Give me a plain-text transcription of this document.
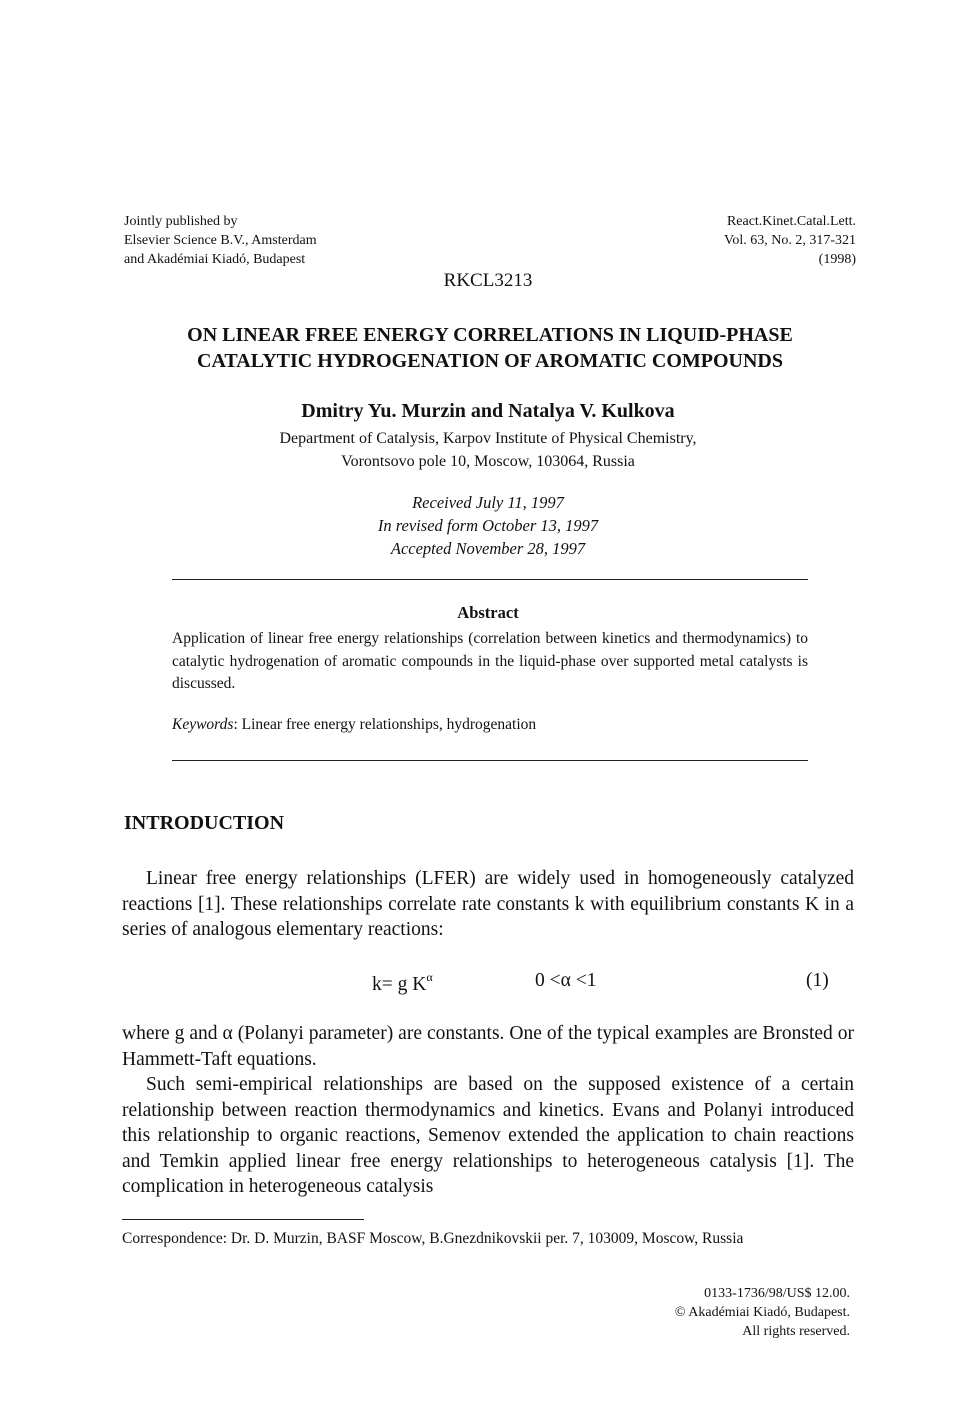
Jointly published by
Elsevier Science B.V., Amsterdam
and Akadémiai Kiadó, Budapest
React.Kinet.Catal.Lett.
Vol. 63, No. 2, 317-321
(1998)
RKCL3213
ON LINEAR FREE ENERGY CORRELATIONS IN LIQUID-PHASE
CATALYTIC HYDROGENATION OF AROMATIC COMPOUNDS
Dmitry Yu. Murzin and Natalya V. Kulkova
Department of Catalysis, Karpov Institute of Physical Chemistry,
Vorontsovo pole 10, Moscow, 103064, Russia
Received July 11, 1997
In revised form October 13, 1997
Accepted November 28, 1997
Abstract
Application of linear free energy relationships (correlation between kinetics and thermodynamics) to catalytic hydrogenation of aromatic compounds in the liquid-phase over supported metal catalysts is discussed.
Keywords: Linear free energy relationships, hydrogenation
INTRODUCTION
Linear free energy relationships (LFER) are widely used in homogeneously catalyzed reactions [1]. These relationships correlate rate constants k with equilibrium constants K in a series of analogous elementary reactions:
k= g $K^\alpha$	0 <α <1	(1)
where g and α (Polanyi parameter) are constants. One of the typical examples are Bronsted or Hammett-Taft equations.
Such semi-empirical relationships are based on the supposed existence of a certain relationship between reaction thermodynamics and kinetics. Evans and Polanyi introduced this relationship to organic reactions, Semenov extended the application to chain reactions and Temkin applied linear free energy relationships to heterogeneous catalysis [1]. The complication in heterogeneous catalysis
Correspondence: Dr. D. Murzin, BASF Moscow, B.Gnezdnikovskii per. 7, 103009, Moscow, Russia
0133-1736/98/US$ 12.00.
© Akadémiai Kiadó, Budapest.
All rights reserved.
